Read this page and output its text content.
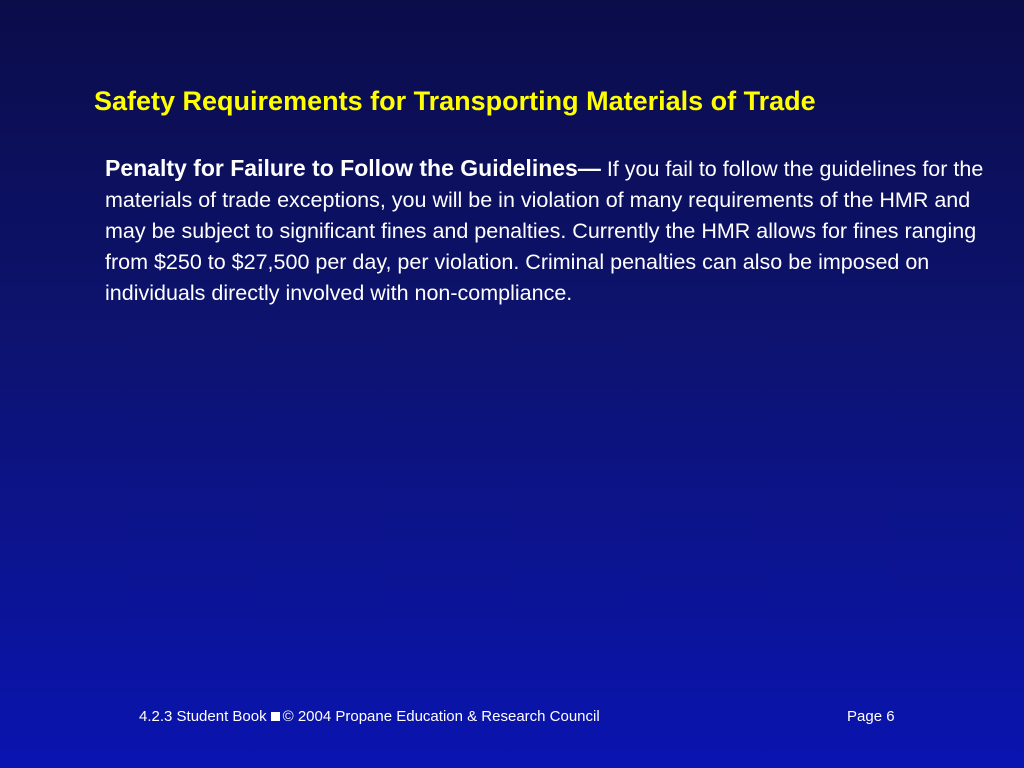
Safety Requirements for Transporting Materials of Trade
Penalty for Failure to Follow the Guidelines— If you fail to follow the guidelines for the materials of trade exceptions, you will be in violation of many requirements of the HMR and may be subject to significant fines and penalties. Currently the HMR allows for fines ranging from $250 to $27,500 per day, per violation. Criminal penalties can also be imposed on individuals directly involved with non-compliance.
4.2.3 Student Book © 2004 Propane Education & Research Council	Page 6
